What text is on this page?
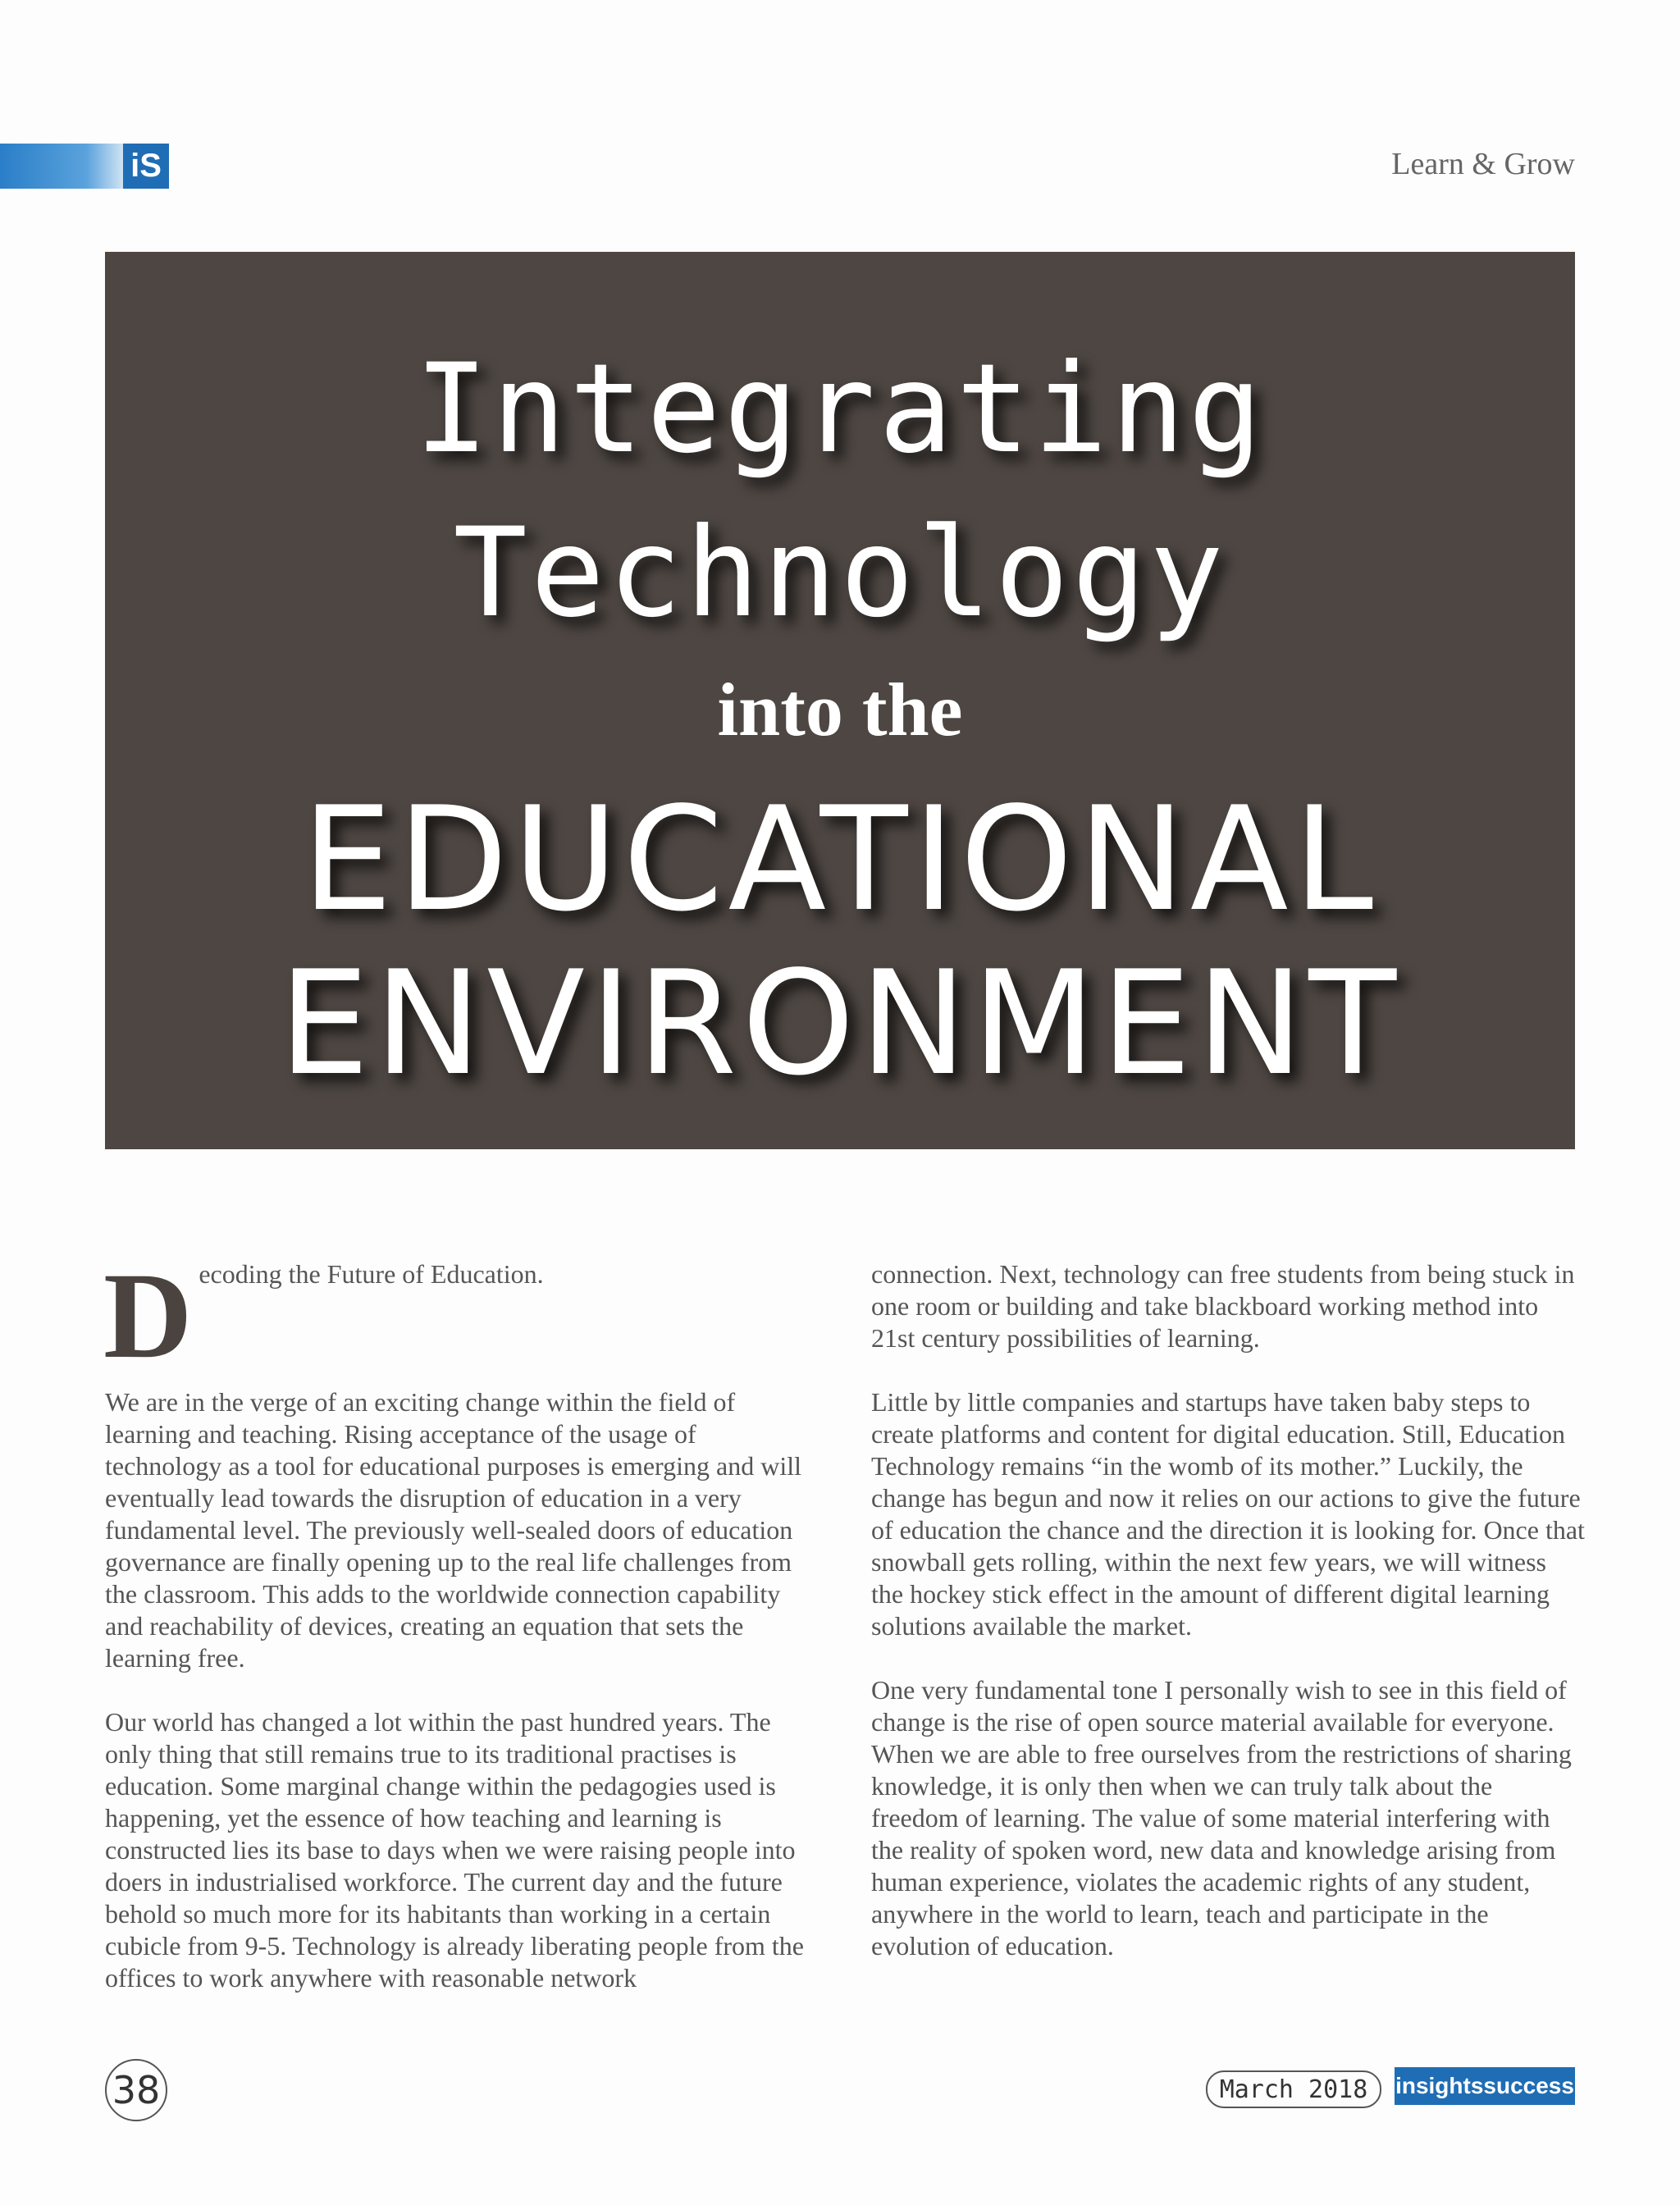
iS	Learn & Grow
Integrating
Technology
into the
EDUCATIONAL
ENVIRONMENT
D ecoding the Future of Education.

We are in the verge of an exciting change within the field of learning and teaching. Rising acceptance of the usage of technology as a tool for educational purposes is emerging and will eventually lead towards the disruption of education in a very fundamental level. The previously well-sealed doors of education governance are finally opening up to the real life challenges from the classroom. This adds to the worldwide connection capability and reachability of devices, creating an equation that sets the learning free.

Our world has changed a lot within the past hundred years. The only thing that still remains true to its traditional practises is education. Some marginal change within the pedagogies used is happening, yet the essence of how teaching and learning is constructed lies its base to days when we were raising people into doers in industrialised workforce. The current day and the future behold so much more for its habitants than working in a certain cubicle from 9-5. Technology is already liberating people from the offices to work anywhere with reasonable network

connection. Next, technology can free students from being stuck in one room or building and take blackboard working method into 21st century possibilities of learning.

Little by little companies and startups have taken baby steps to create platforms and content for digital education. Still, Education Technology remains “in the womb of its mother.” Luckily, the change has begun and now it relies on our actions to give the future of education the chance and the direction it is looking for. Once that snowball gets rolling, within the next few years, we will witness the hockey stick effect in the amount of different digital learning solutions available the market.

One very fundamental tone I personally wish to see in this field of change is the rise of open source material available for everyone. When we are able to free ourselves from the restrictions of sharing knowledge, it is only then when we can truly talk about the freedom of learning. The value of some material interfering with the reality of spoken word, new data and knowledge arising from human experience, violates the academic rights of any student, anywhere in the world to learn, teach and participate in the evolution of education.

38	March 2018	insightssuccess
